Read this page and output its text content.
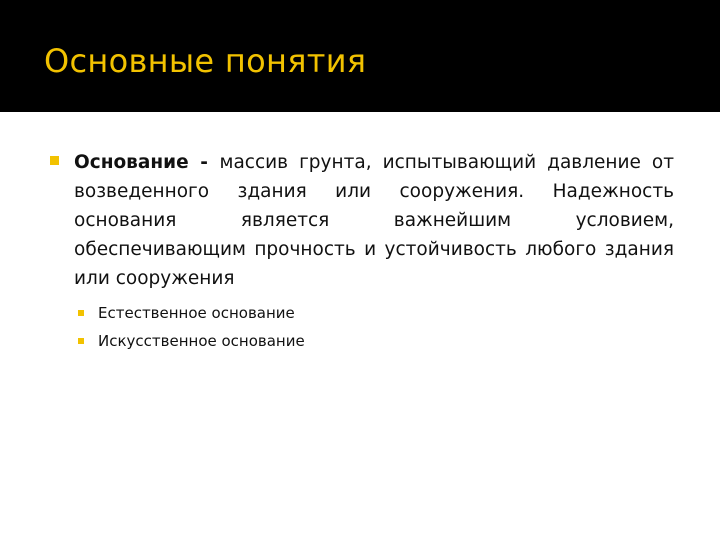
Основные понятия

Основание - массив грунта, испытывающий давление от возведенного здания или сооружения. Надежность основания является важнейшим условием, обеспечивающим прочность и устойчивость любого здания или сооружения

Естественное основание
Искусственное основание
